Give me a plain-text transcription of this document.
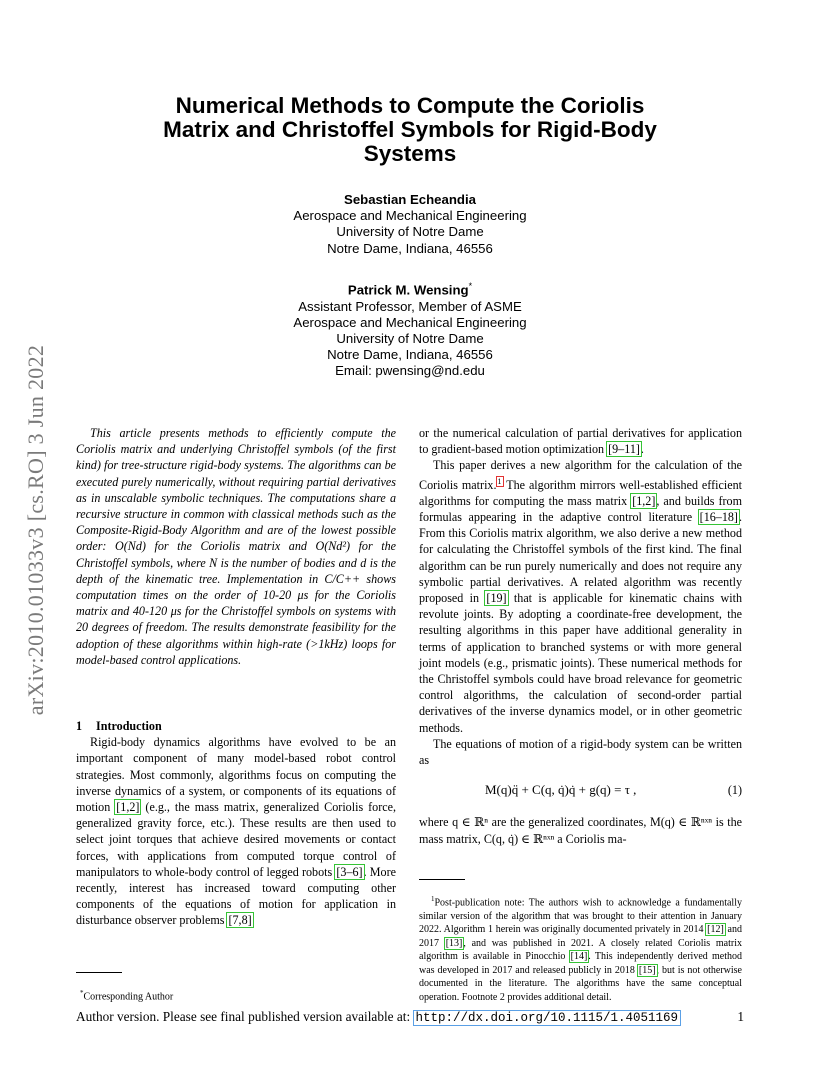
arXiv:2010.01033v3 [cs.RO] 3 Jun 2022
Numerical Methods to Compute the Coriolis
Matrix and Christoffel Symbols for Rigid-Body
Systems
Sebastian Echeandia
Aerospace and Mechanical Engineering
University of Notre Dame
Notre Dame, Indiana, 46556
Patrick M. Wensing*
Assistant Professor, Member of ASME
Aerospace and Mechanical Engineering
University of Notre Dame
Notre Dame, Indiana, 46556
Email: pwensing@nd.edu

This article presents methods to efficiently compute the Coriolis matrix and underlying Christoffel symbols (of the first kind) for tree-structure rigid-body systems. The algorithms can be executed purely numerically, without requiring partial derivatives as in unscalable symbolic techniques. The computations share a recursive structure in common with classical methods such as the Composite-Rigid-Body Algorithm and are of the lowest possible order: O(Nd) for the Coriolis matrix and O(Nd²) for the Christoffel symbols, where N is the number of bodies and d is the depth of the kinematic tree. Implementation in C/C++ shows computation times on the order of 10-20 μs for the Coriolis matrix and 40-120 μs for the Christoffel symbols on systems with 20 degrees of freedom. The results demonstrate feasibility for the adoption of these algorithms within high-rate (>1kHz) loops for model-based control applications.

1 Introduction

Rigid-body dynamics algorithms have evolved to be an important component of many model-based robot control strategies. Most commonly, algorithms focus on computing the inverse dynamics of a system, or components of its equations of motion [1,2] (e.g., the mass matrix, generalized Coriolis force, generalized gravity force, etc.). These results are then used to select joint torques that achieve desired movements or contact forces, with applications from computed torque control of manipulators to whole-body control of legged robots [3–6]. More recently, interest has increased toward computing other components of the equations of motion for application in disturbance observer problems [7,8]

or the numerical calculation of partial derivatives for application to gradient-based motion optimization [9–11].

This paper derives a new algorithm for the calculation of the Coriolis matrix.$^1$ The algorithm mirrors well-established efficient algorithms for computing the mass matrix [1,2], and builds from formulas appearing in the adaptive control literature [16–18]. From this Coriolis matrix algorithm, we also derive a new method for calculating the Christoffel symbols of the first kind. The final algorithm can be run purely numerically and does not require any symbolic partial derivatives. A related algorithm was recently proposed in [19] that is applicable for kinematic chains with revolute joints. By adopting a coordinate-free development, the resulting algorithms in this paper have additional generality in terms of application to branched systems or with more general joint models (e.g., prismatic joints). These numerical methods for the Christoffel symbols could have broad relevance for geometric control algorithms, the calculation of second-order partial derivatives of the inverse dynamics model, or in other geometric methods.

The equations of motion of a rigid-body system can be written as

M(q)q̈ + C(q, q̇)q̇ + g(q) = τ ,	(1)

where q ∈ ℝⁿ are the generalized coordinates, M(q) ∈ ℝⁿˣⁿ is the mass matrix, C(q, q̇) ∈ ℝⁿˣⁿ a Coriolis ma-

$^1$Post-publication note: The authors wish to acknowledge a fundamentally similar version of the algorithm that was brought to their attention in January 2022. Algorithm 1 herein was originally documented privately in 2014 [12] and 2017 [13], and was published in 2021. A closely related Coriolis matrix algorithm is available in Pinocchio [14]. This independently derived method was developed in 2017 and released publicly in 2018 [15], but is not otherwise documented in the literature. The algorithms have the same conceptual operation. Footnote 2 provides additional detail.

*Corresponding Author
Author version. Please see final published version available at: http://dx.doi.org/10.1115/1.4051169	1
